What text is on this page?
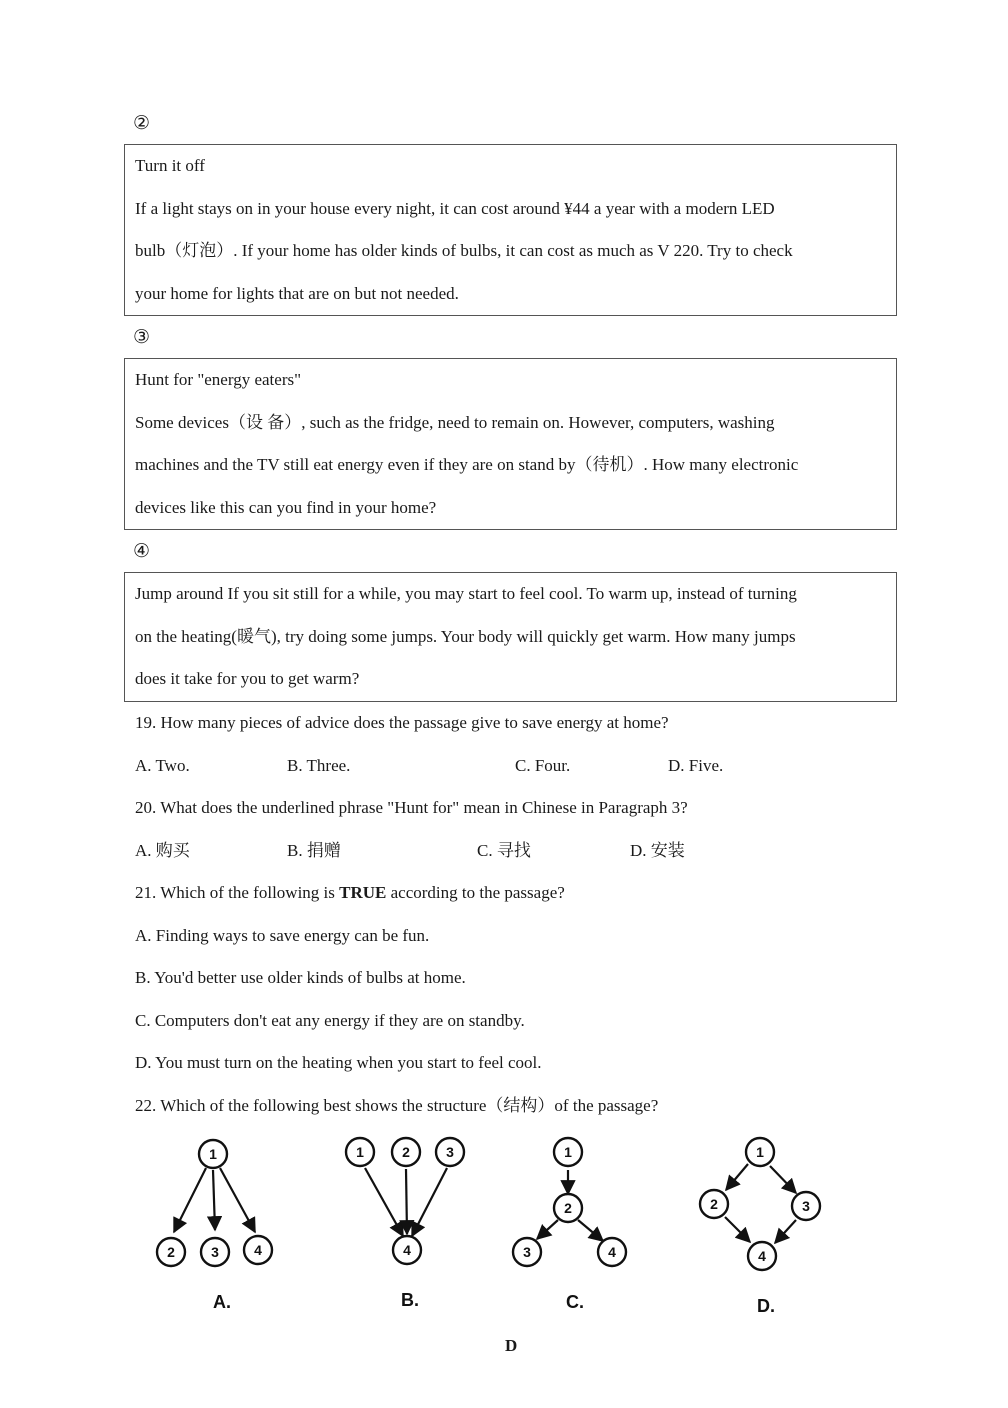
②

Turn it off

If a light stays on in your house every night, it can cost around ¥44 a year with a modern LED

bulb（灯泡）. If your home has older kinds of bulbs, it can cost as much as V 220. Try to check

your home for lights that are on but not needed.

③

Hunt for "energy eaters"

Some devices（设 备）, such as the fridge, need to remain on. However, computers, washing

machines and the TV still eat energy even if they are on stand by（待机）. How many electronic

devices like this can you find in your home?

④

Jump around If you sit still for a while, you may start to feel cool. To warm up, instead of turning

on the heating(暖气), try doing some jumps. Your body will quickly get warm. How many jumps

does it take for you to get warm?

19. How many pieces of advice does the passage give to save energy at home?
A. Two.	B. Three.	C. Four.	D. Five.
20. What does the underlined phrase "Hunt for" mean in Chinese in Paragraph 3?
A. 购买	B. 捐赠	C. 寻找	D. 安装
21. Which of the following is TRUE according to the passage?
A. Finding ways to save energy can be fun.
B. You'd better use older kinds of bulbs at home.
C. Computers don't eat any energy if they are on standby.
D. You must turn on the heating when you start to feel cool.
22. Which of the following best shows the structure（结构）of the passage?
1
2	3	4
1	2	3
4
1
2
3	4
1
2	3
4
A.	B.	C.	D.
D
